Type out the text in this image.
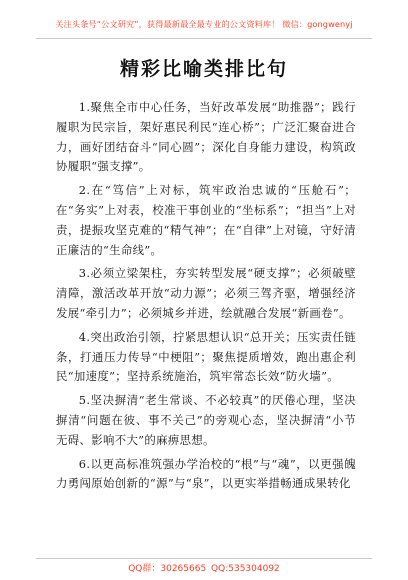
关注头条号“公文研究”，获得最新最全最专业的公文资料库！ 微信：gongwenyj
精彩比喻类排比句

1.聚焦全市中心任务，当好改革发展“助推器”；践行履职为民宗旨，架好惠民利民“连心桥”；广泛汇聚奋进合力，画好团结奋斗“同心圆”；深化自身能力建设，构筑政协履职“强支撑”。

2.在“笃信”上对标，筑牢政治忠诚的“压舱石”；在“务实”上对表，校准干事创业的“坐标系”；“担当”上对责，提振攻坚克难的“精气神”；在“自律”上对镜，守好清正廉洁的“生命线”。

3.必须立梁架柱，夯实转型发展“硬支撑”；必须破壁清障，激活改革开放“动力源”；必须三驾齐驱，增强经济发展“牵引力”；必须城乡并进，绘就融合发展“新画卷”。

4.突出政治引领，拧紧思想认识“总开关；压实责任链条，打通压力传导“中梗阻”；聚焦提质增效，跑出惠企利民“加速度”；坚持系统施治，筑牢常态长效“防火墙”。

5.坚决摒清“老生常谈、不必较真”的厌倦心理，坚决摒清“问题在彼、事不关己”的旁观心态，坚决摒清“小节无碍、影响不大”的麻痹思想。

6.以更高标准筑强办学治校的“根”与“魂”，以更强魄力勇闯原始创新的“源”与“泉”，以更实举措畅通成果转化

QQ群：30265665 QQ:535304092
